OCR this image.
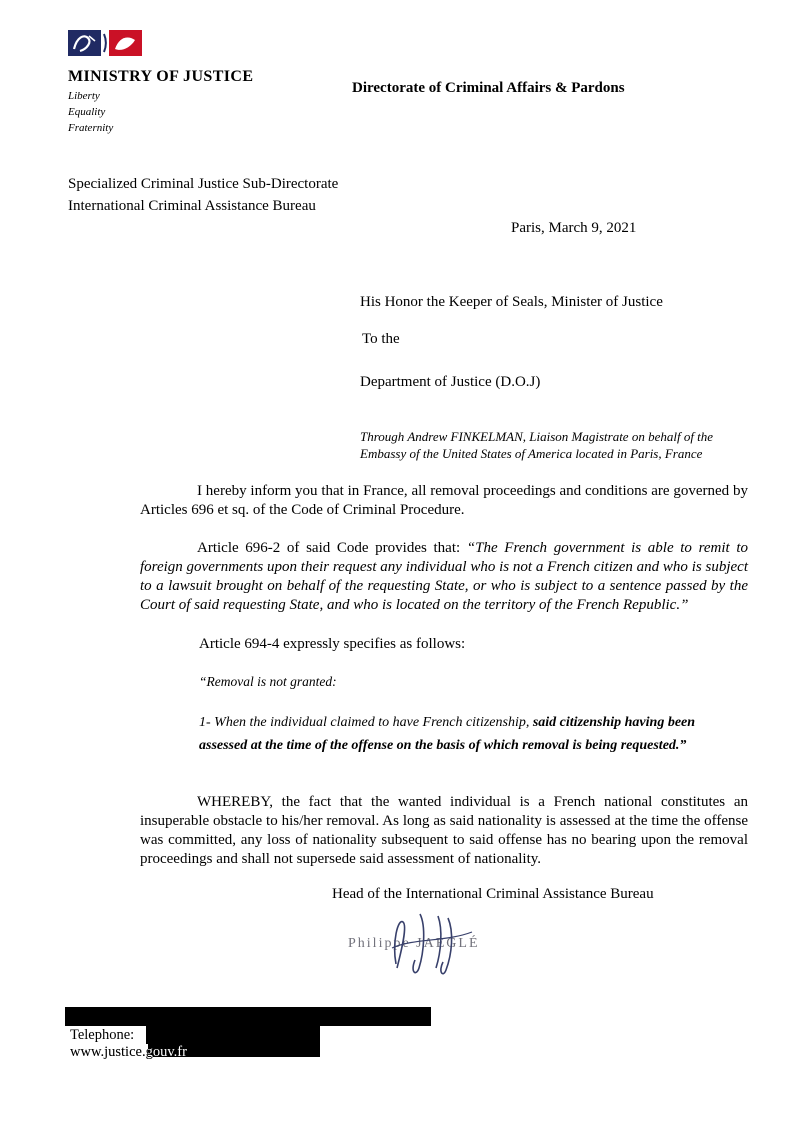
MINISTRY OF JUSTICE
Liberty
Equality
Fraternity
Directorate of Criminal Affairs & Pardons
Specialized Criminal Justice Sub-Directorate
International Criminal Assistance Bureau
Paris, March 9, 2021
His Honor the Keeper of Seals, Minister of Justice
To the
Department of Justice (D.O.J)
Through Andrew FINKELMAN, Liaison Magistrate on behalf of the Embassy of the United States of America located in Paris, France

I hereby inform you that in France, all removal proceedings and conditions are governed by Articles 696 et sq. of the Code of Criminal Procedure.

Article 696-2 of said Code provides that: “The French government is able to remit to foreign governments upon their request any individual who is not a French citizen and who is subject to a lawsuit brought on behalf of the requesting State, or who is subject to a sentence passed by the Court of said requesting State, and who is located on the territory of the French Republic.”

Article 694-4 expressly specifies as follows:
“Removal is not granted:

1- When the individual claimed to have French citizenship, said citizenship having been assessed at the time of the offense on the basis of which removal is being requested.”

WHEREBY, the fact that the wanted individual is a French national constitutes an insuperable obstacle to his/her removal. As long as said nationality is assessed at the time the offense was committed, any loss of nationality subsequent to said offense has no bearing upon the removal proceedings and shall not supersede said assessment of nationality.

Head of the International Criminal Assistance Bureau
Philippe JAEGLÉ
Telephone:
www.justice.gouv.fr
